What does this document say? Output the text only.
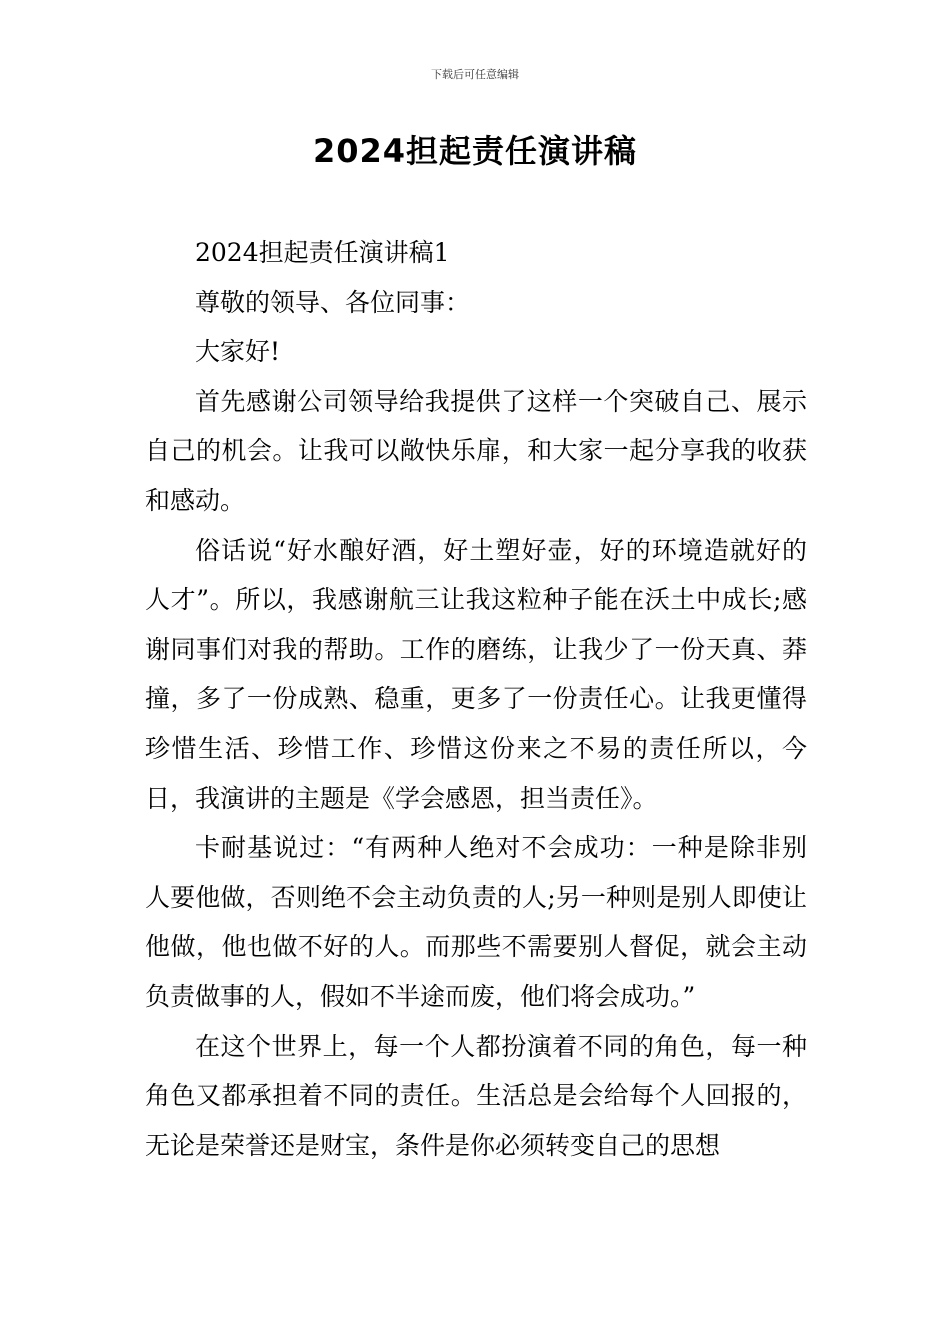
下载后可任意编辑
2024担起责任演讲稿

2024担起责任演讲稿1

尊敬的领导、各位同事：

大家好!

首先感谢公司领导给我提供了这样一个突破自己、展示自己的机会。让我可以敞快乐扉，和大家一起分享我的收获和感动。

俗话说“好水酿好酒，好土塑好壶，好的环境造就好的人才”。所以，我感谢航三让我这粒种子能在沃土中成长;感谢同事们对我的帮助。工作的磨练，让我少了一份天真、莽撞，多了一份成熟、稳重，更多了一份责任心。让我更懂得珍惜生活、珍惜工作、珍惜这份来之不易的责任所以，今日，我演讲的主题是《学会感恩，担当责任》。

卡耐基说过：“有两种人绝对不会成功：一种是除非别人要他做，否则绝不会主动负责的人;另一种则是别人即使让他做，他也做不好的人。而那些不需要别人督促，就会主动负责做事的人，假如不半途而废，他们将会成功。”

在这个世界上，每一个人都扮演着不同的角色，每一种角色又都承担着不同的责任。生活总是会给每个人回报的，无论是荣誉还是财宝，条件是你必须转变自己的思想
